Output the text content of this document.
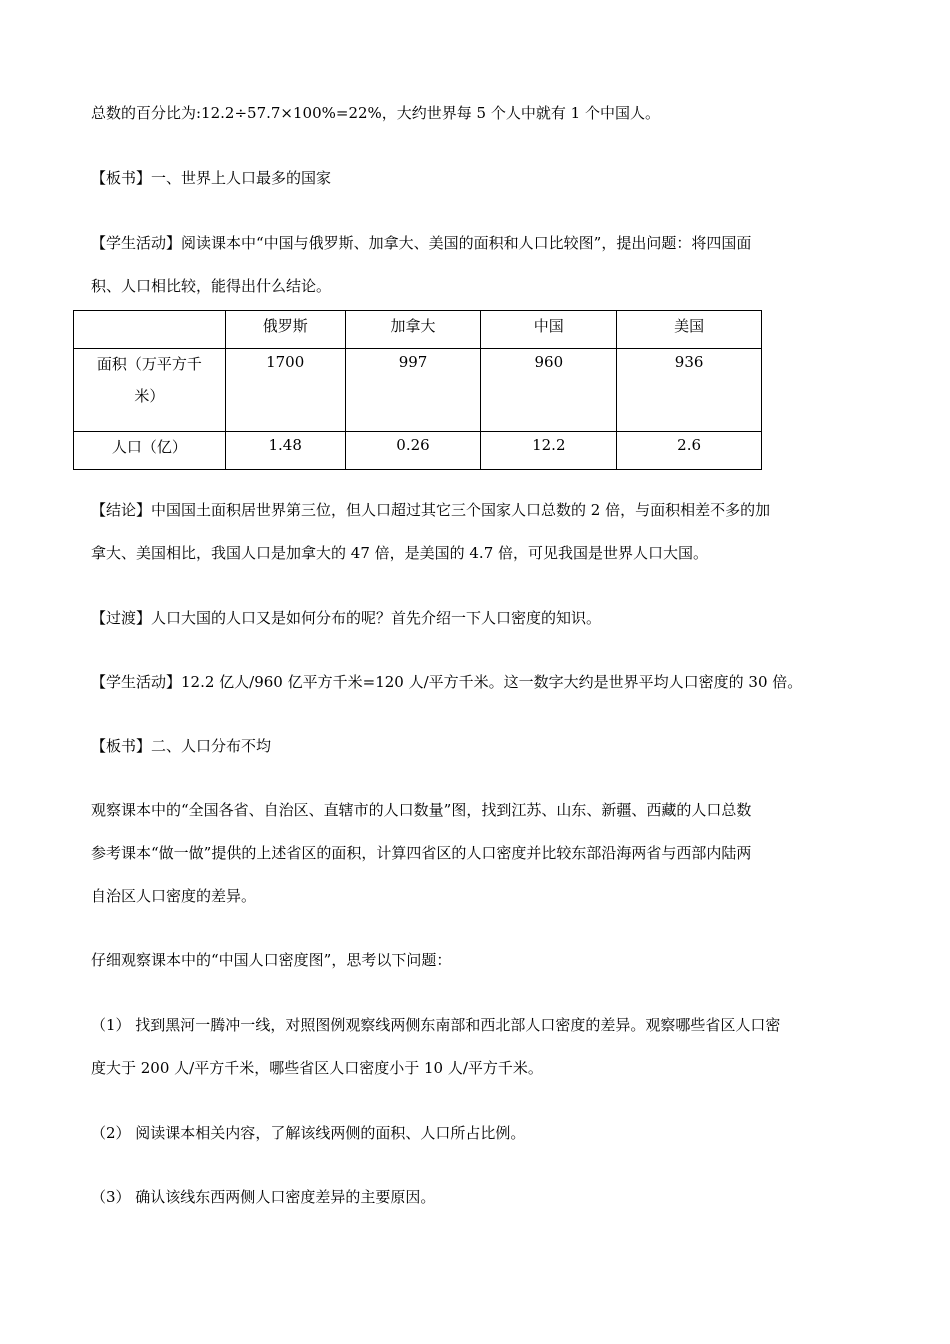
总数的百分比为:12.2÷57.7×100%=22%，大约世界每 5 个人中就有 1 个中国人。
【板书】一、世界上人口最多的国家
【学生活动】阅读课本中“中国与俄罗斯、加拿大、美国的面积和人口比较图”，提出问题：将四国面
积、人口相比较，能得出什么结论。
	俄罗斯	加拿大	中国	美国

面积（万平方千
米）	1700	997	960	936
人口（亿）	1.48	0.26	12.2	2.6
【结论】中国国土面积居世界第三位，但人口超过其它三个国家人口总数的 2 倍，与面积相差不多的加
拿大、美国相比，我国人口是加拿大的 47 倍，是美国的 4.7 倍，可见我国是世界人口大国。
【过渡】人口大国的人口又是如何分布的呢？首先介绍一下人口密度的知识。
【学生活动】12.2 亿人/960 亿平方千米=120 人/平方千米。这一数字大约是世界平均人口密度的 30 倍。
【板书】二、人口分布不均
观察课本中的“全国各省、自治区、直辖市的人口数量”图，找到江苏、山东、新疆、西藏的人口总数
参考课本“做一做”提供的上述省区的面积，计算四省区的人口密度并比较东部沿海两省与西部内陆两
自治区人口密度的差异。
仔细观察课本中的“中国人口密度图”，思考以下问题：
（1） 找到黑河一腾冲一线，对照图例观察线两侧东南部和西北部人口密度的差异。观察哪些省区人口密
度大于 200 人/平方千米，哪些省区人口密度小于 10 人/平方千米。
（2） 阅读课本相关内容，了解该线两侧的面积、人口所占比例。
（3） 确认该线东西两侧人口密度差异的主要原因。
